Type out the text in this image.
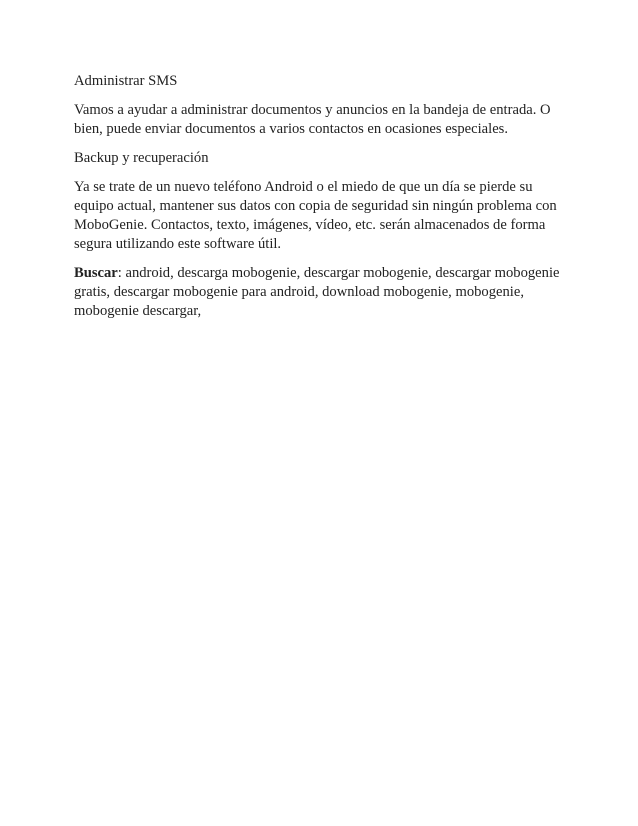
Administrar SMS

Vamos a ayudar a administrar documentos y anuncios en la bandeja de entrada. O bien, puede enviar documentos a varios contactos en ocasiones especiales.

Backup y recuperación

Ya se trate de un nuevo teléfono Android o el miedo de que un día se pierde su equipo actual, mantener sus datos con copia de seguridad sin ningún problema con MoboGenie. Contactos, texto, imágenes, vídeo, etc. serán almacenados de forma segura utilizando este software útil.

Buscar: android, descarga mobogenie, descargar mobogenie, descargar mobogenie gratis, descargar mobogenie para android, download mobogenie, mobogenie, mobogenie descargar,
